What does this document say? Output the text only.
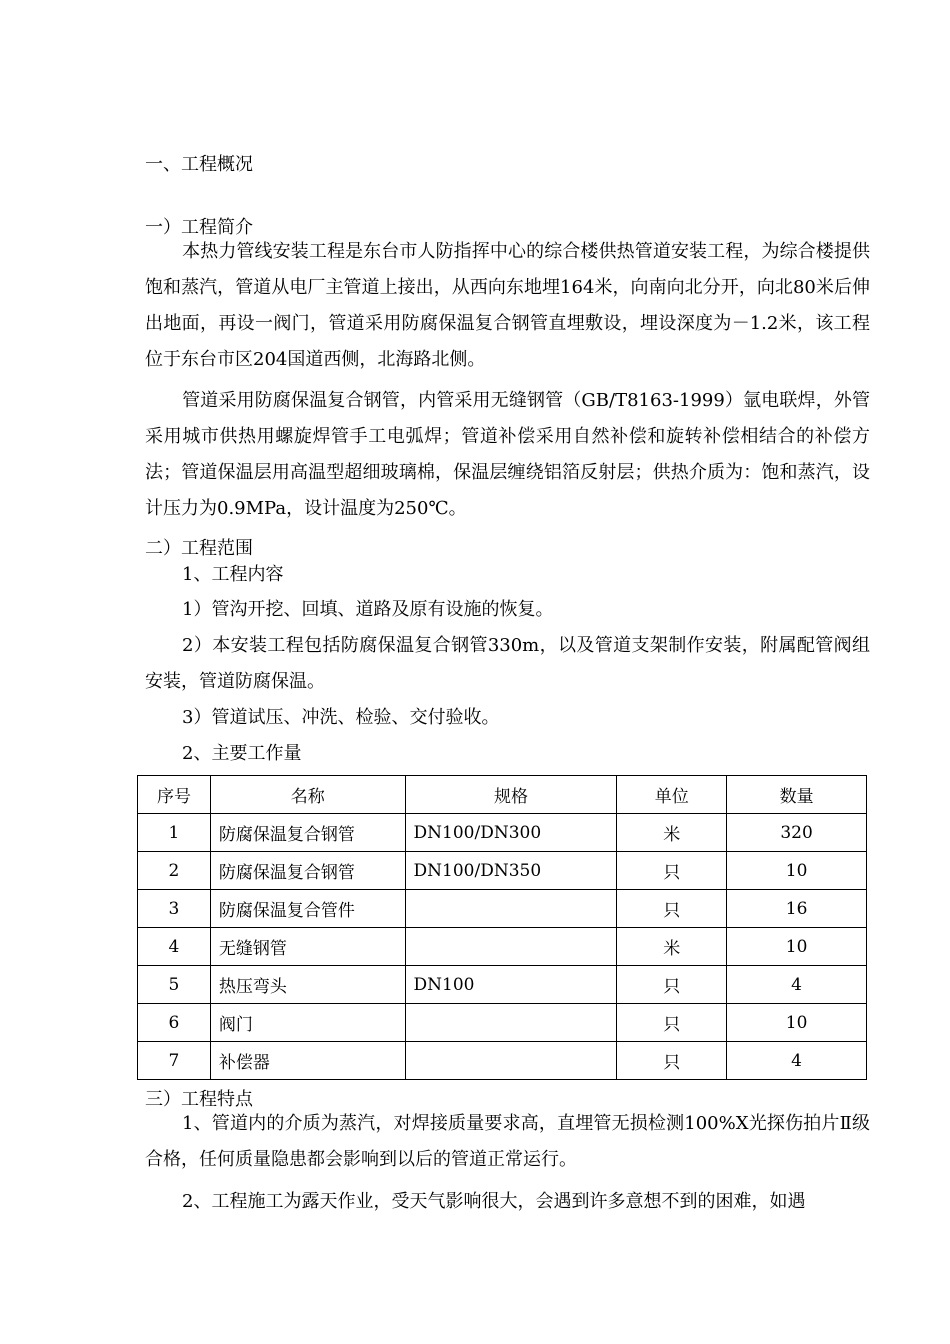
一、工程概况
一）工程简介
本热力管线安装工程是东台市人防指挥中心的综合楼供热管道安装工程，为综合楼提供饱和蒸汽，管道从电厂主管道上接出，从西向东地埋164米，向南向北分开，向北80米后伸出地面，再设一阀门，管道采用防腐保温复合钢管直埋敷设，埋设深度为－1.2米，该工程位于东台市区204国道西侧，北海路北侧。
管道采用防腐保温复合钢管，内管采用无缝钢管（GB/T8163-1999）氩电联焊，外管采用城市供热用螺旋焊管手工电弧焊；管道补偿采用自然补偿和旋转补偿相结合的补偿方法；管道保温层用高温型超细玻璃棉，保温层缠绕铝箔反射层；供热介质为：饱和蒸汽，设计压力为0.9MPa，设计温度为250℃。
二）工程范围
1、工程内容
1）管沟开挖、回填、道路及原有设施的恢复。
2）本安装工程包括防腐保温复合钢管330m，以及管道支架制作安装，附属配管阀组安装，管道防腐保温。
3）管道试压、冲洗、检验、交付验收。
2、主要工作量
序号	名称	规格	单位	数量
1	防腐保温复合钢管	DN100/DN300	米	320
2	防腐保温复合钢管	DN100/DN350	只	10
3	防腐保温复合管件		只	16
4	无缝钢管		米	10
5	热压弯头	DN100	只	4
6	阀门		只	10
7	补偿器		只	4
三）工程特点
1、管道内的介质为蒸汽，对焊接质量要求高，直埋管无损检测100%X光探伤拍片Ⅱ级合格，任何质量隐患都会影响到以后的管道正常运行。
2、工程施工为露天作业，受天气影响很大，会遇到许多意想不到的困难，如遇
